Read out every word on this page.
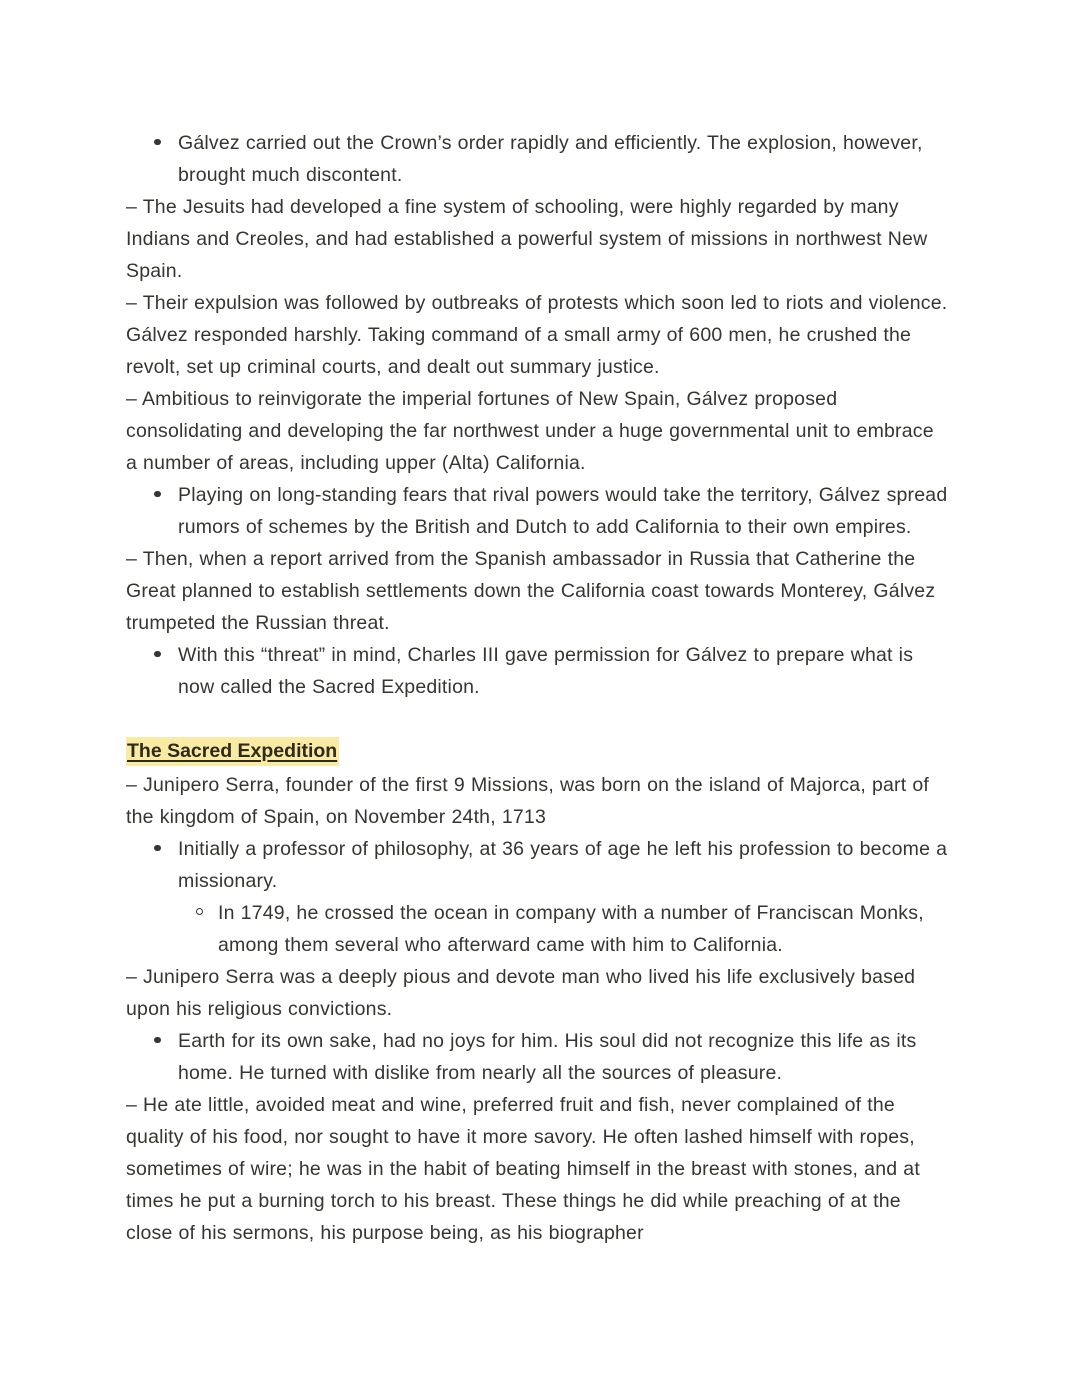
Gálvez carried out the Crown’s order rapidly and efficiently. The explosion, however, brought much discontent.

– The Jesuits had developed a fine system of schooling, were highly regarded by many Indians and Creoles, and had established a powerful system of missions in northwest New Spain.

– Their expulsion was followed by outbreaks of protests which soon led to riots and violence. Gálvez responded harshly. Taking command of a small army of 600 men, he crushed the revolt, set up criminal courts, and dealt out summary justice.

– Ambitious to reinvigorate the imperial fortunes of New Spain, Gálvez proposed consolidating and developing the far northwest under a huge governmental unit to embrace a number of areas, including upper (Alta) California.

Playing on long-standing fears that rival powers would take the territory, Gálvez spread rumors of schemes by the British and Dutch to add California to their own empires.

– Then, when a report arrived from the Spanish ambassador in Russia that Catherine the Great planned to establish settlements down the California coast towards Monterey, Gálvez trumpeted the Russian threat.

With this “threat” in mind, Charles III gave permission for Gálvez to prepare what is now called the Sacred Expedition.
The Sacred Expedition

– Junipero Serra, founder of the first 9 Missions, was born on the island of Majorca, part of the kingdom of Spain, on November 24th, 1713

Initially a professor of philosophy, at 36 years of age he left his profession to become a missionary.
In 1749, he crossed the ocean in company with a number of Franciscan Monks, among them several who afterward came with him to California.

– Junipero Serra was a deeply pious and devote man who lived his life exclusively based upon his religious convictions.

Earth for its own sake, had no joys for him. His soul did not recognize this life as its home. He turned with dislike from nearly all the sources of pleasure.

– He ate little, avoided meat and wine, preferred fruit and fish, never complained of the quality of his food, nor sought to have it more savory. He often lashed himself with ropes, sometimes of wire; he was in the habit of beating himself in the breast with stones, and at times he put a burning torch to his breast. These things he did while preaching of at the close of his sermons, his purpose being, as his biographer
